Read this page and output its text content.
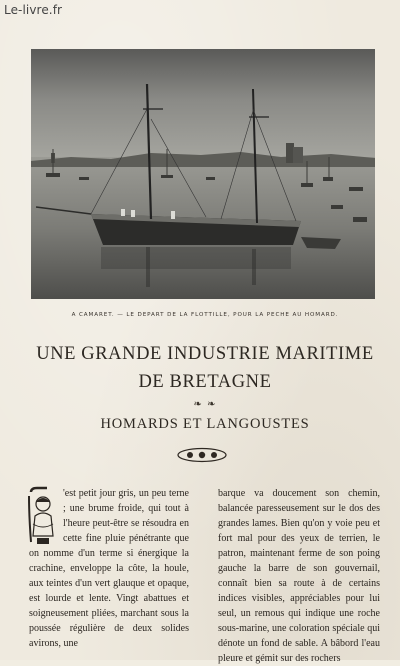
Le-livre.fr
A CAMARET. — LE DÉPART DE LA FLOTTILLE, POUR LA PÊCHE AU HOMARD.
UNE GRANDE INDUSTRIE MARITIME
DE BRETAGNE
❧ ❧
HOMARDS ET LANGOUSTES

'est petit jour gris, un peu terne ; une brume froide, qui tout à l'heure peut-être se résoudra en cette fine pluie pénétrante que on nomme d'un terme si énergique la crachine, enveloppe la côte, la houle, aux teintes d'un vert glauque et opaque, est lourde et lente. Vingt abattues et soigneusement pliées, marchant sous la poussée régulière de deux solides avirons, une

barque va doucement son chemin, balancée paresseusement sur le dos des grandes lames. Bien qu'on y voie peu et fort mal pour des yeux de terrien, le patron, maintenant ferme de son poing gauche la barre de son gouvernail, connaît bien sa route à de certains indices visibles, appréciables pour lui seul, un remous qui indique une roche sous-marine, une coloration spéciale qui dénote un fond de sable. A bâbord l'eau pleure et gémit sur des rochers
